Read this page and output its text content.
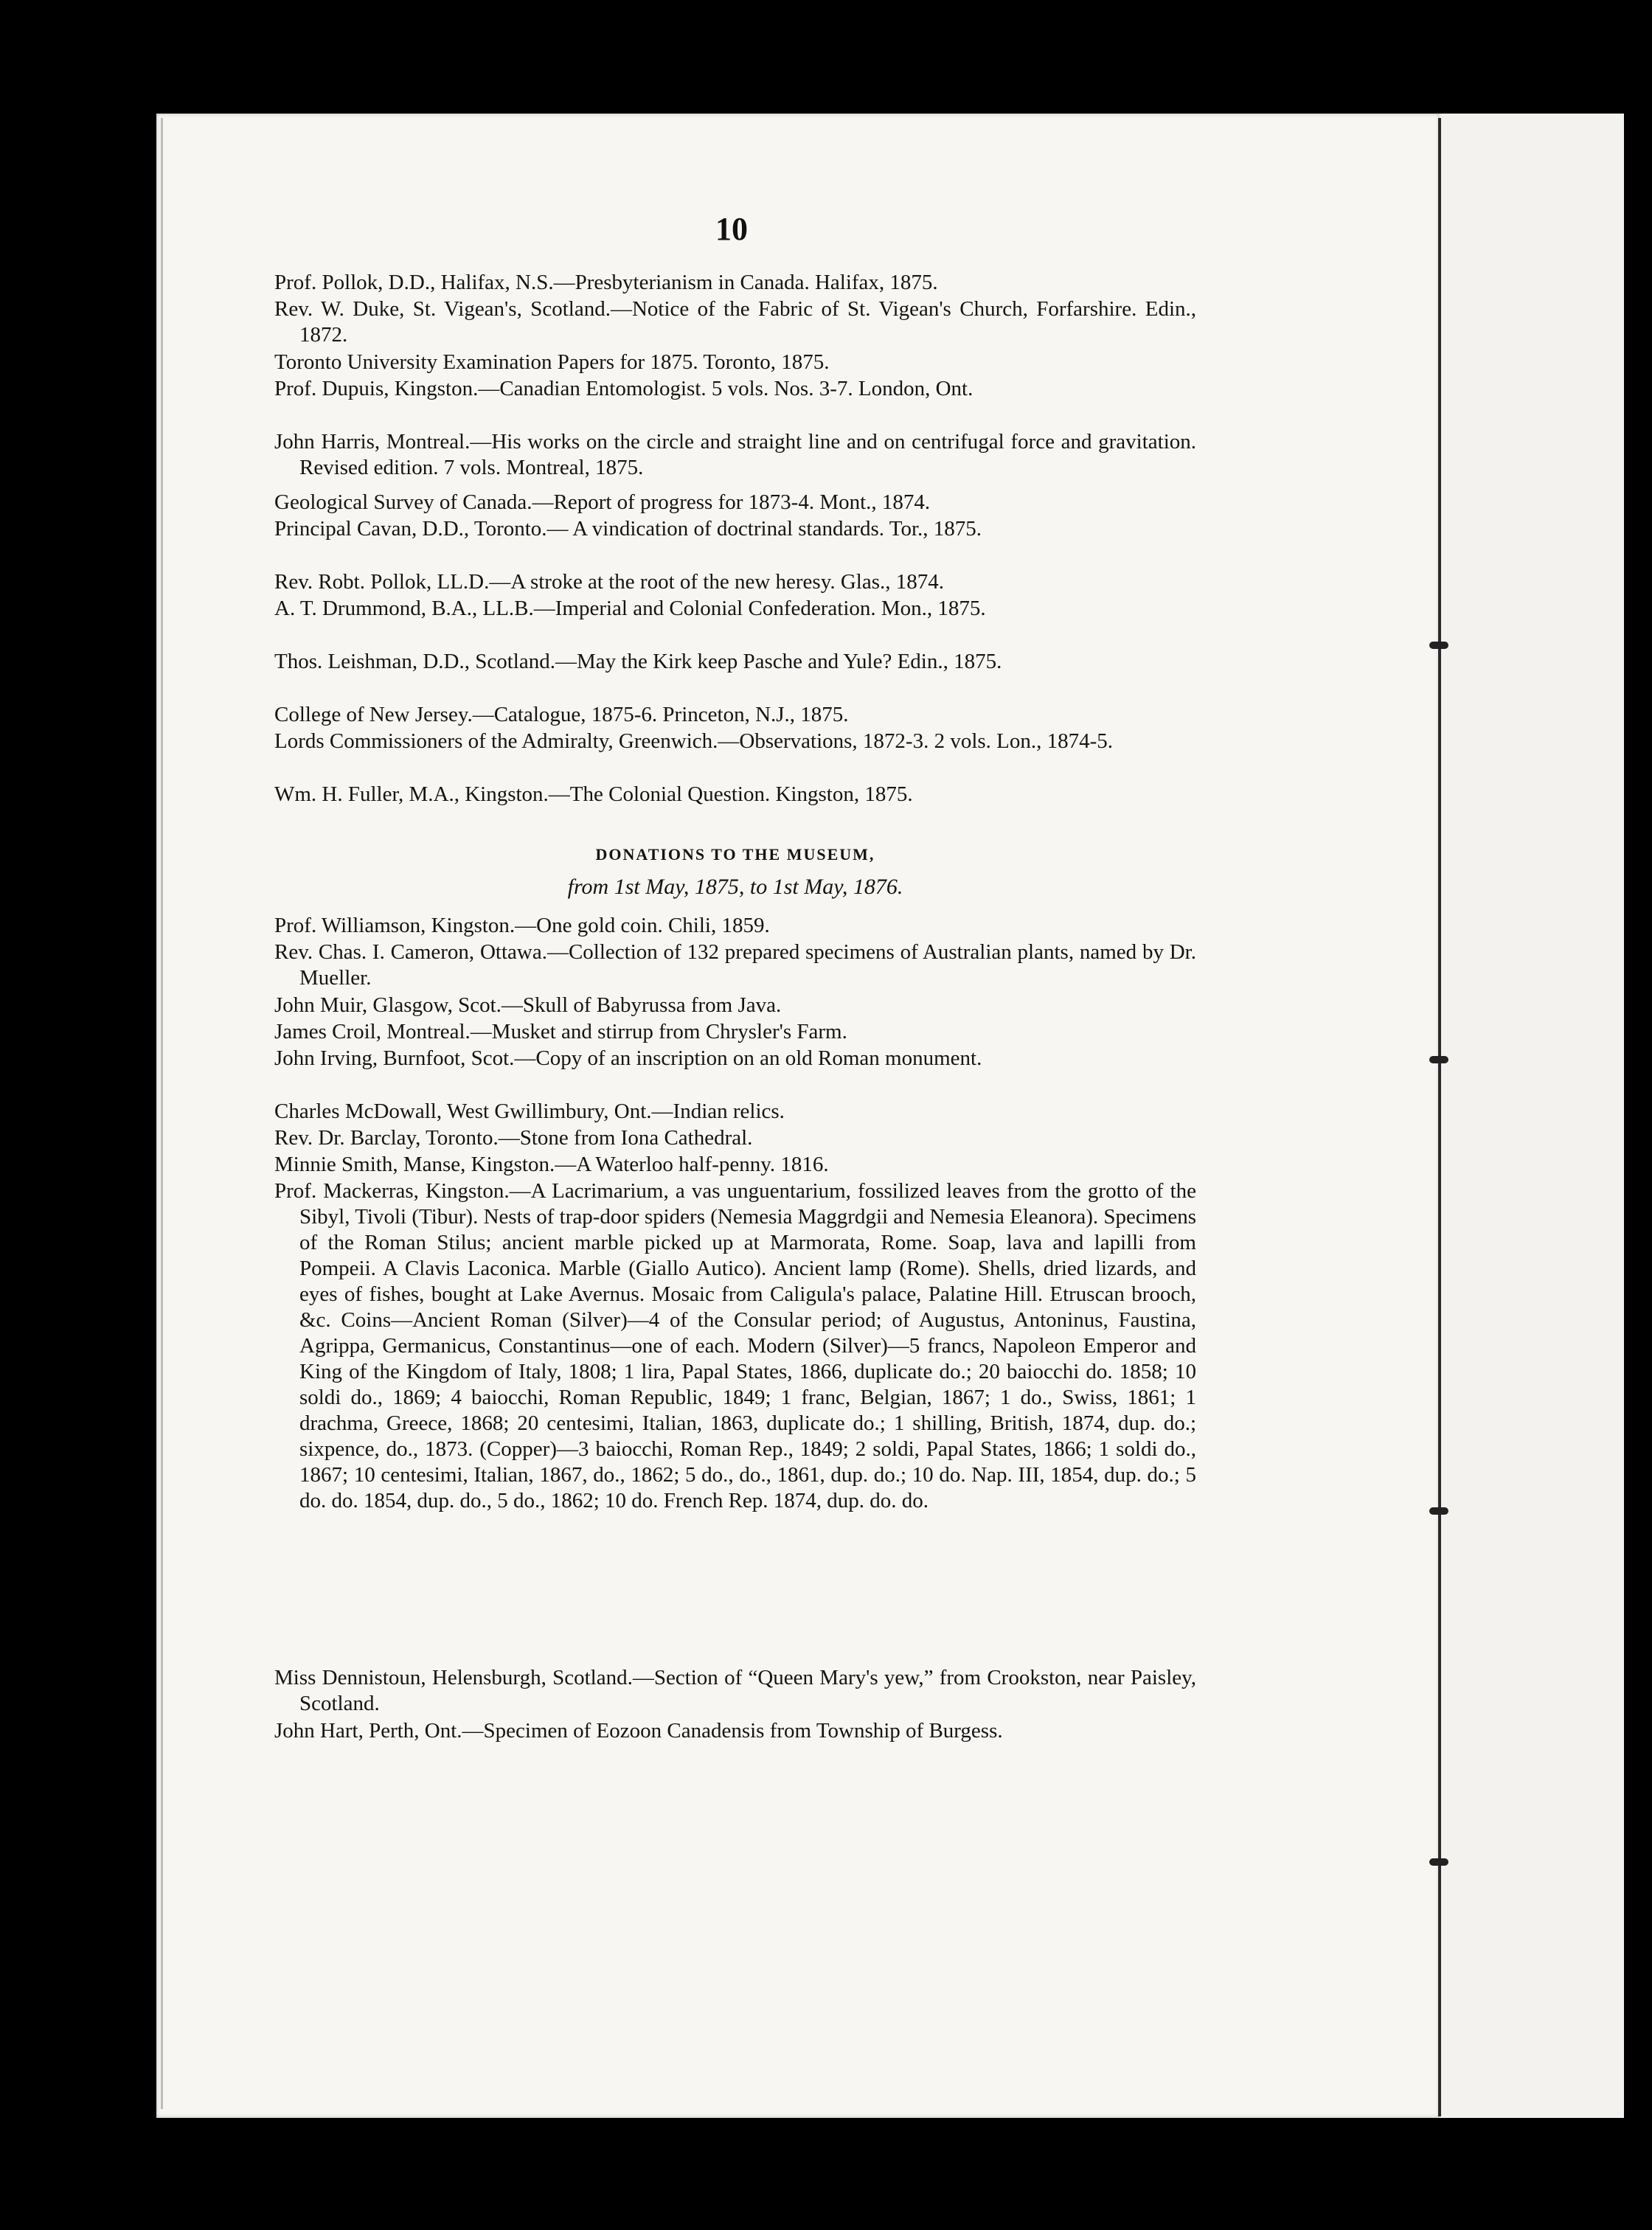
10
Prof. Pollok, D.D., Halifax, N.S.—Presbyterianism in Canada. Halifax, 1875.
Rev. W. Duke, St. Vigean's, Scotland.—Notice of the Fabric of St. Vigean's Church, Forfarshire. Edin., 1872.
Toronto University Examination Papers for 1875. Toronto, 1875.
Prof. Dupuis, Kingston.—Canadian Entomologist. 5 vols. Nos. 3-7. London, Ont.
John Harris, Montreal.—His works on the circle and straight line and on centrifugal force and gravitation. Revised edition. 7 vols. Montreal, 1875.
Geological Survey of Canada.—Report of progress for 1873-4. Mont., 1874.
Principal Cavan, D.D., Toronto.— A vindication of doctrinal standards. Tor., 1875.
Rev. Robt. Pollok, LL.D.—A stroke at the root of the new heresy. Glas., 1874.
A. T. Drummond, B.A., LL.B.—Imperial and Colonial Confederation. Mon., 1875.
Thos. Leishman, D.D., Scotland.—May the Kirk keep Pasche and Yule? Edin., 1875.
College of New Jersey.—Catalogue, 1875-6. Princeton, N.J., 1875.
Lords Commissioners of the Admiralty, Greenwich.—Observations, 1872-3. 2 vols. Lon., 1874-5.
Wm. H. Fuller, M.A., Kingston.—The Colonial Question. Kingston, 1875.
DONATIONS TO THE MUSEUM,
from 1st May, 1875, to 1st May, 1876.
Prof. Williamson, Kingston.—One gold coin. Chili, 1859.
Rev. Chas. I. Cameron, Ottawa.—Collection of 132 prepared specimens of Australian plants, named by Dr. Mueller.
John Muir, Glasgow, Scot.—Skull of Babyrussa from Java.
James Croil, Montreal.—Musket and stirrup from Chrysler's Farm.
John Irving, Burnfoot, Scot.—Copy of an inscription on an old Roman monument.
Charles McDowall, West Gwillimbury, Ont.—Indian relics.
Rev. Dr. Barclay, Toronto.—Stone from Iona Cathedral.
Minnie Smith, Manse, Kingston.—A Waterloo half-penny. 1816.
Prof. Mackerras, Kingston.—A Lacrimarium, a vas unguentarium, fossilized leaves from the grotto of the Sibyl, Tivoli (Tibur). Nests of trap-door spiders (Nemesia Maggrdgii and Nemesia Eleanora). Specimens of the Roman Stilus; ancient marble picked up at Marmorata, Rome. Soap, lava and lapilli from Pompeii. A Clavis Laconica. Marble (Giallo Autico). Ancient lamp (Rome). Shells, dried lizards, and eyes of fishes, bought at Lake Avernus. Mosaic from Caligula's palace, Palatine Hill. Etruscan brooch, &c. Coins—Ancient Roman (Silver)—4 of the Consular period; of Augustus, Antoninus, Faustina, Agrippa, Germanicus, Constantinus—one of each. Modern (Silver)—5 francs, Napoleon Emperor and King of the Kingdom of Italy, 1808; 1 lira, Papal States, 1866, duplicate do.; 20 baiocchi do. 1858; 10 soldi do., 1869; 4 baiocchi, Roman Republic, 1849; 1 franc, Belgian, 1867; 1 do., Swiss, 1861; 1 drachma, Greece, 1868; 20 centesimi, Italian, 1863, duplicate do.; 1 shilling, British, 1874, dup. do.; sixpence, do., 1873. (Copper)—3 baiocchi, Roman Rep., 1849; 2 soldi, Papal States, 1866; 1 soldi do., 1867; 10 centesimi, Italian, 1867, do., 1862; 5 do., do., 1861, dup. do.; 10 do. Nap. III, 1854, dup. do.; 5 do. do. 1854, dup. do., 5 do., 1862; 10 do. French Rep. 1874, dup. do. do.
Miss Dennistoun, Helensburgh, Scotland.—Section of “Queen Mary's yew,” from Crookston, near Paisley, Scotland.
John Hart, Perth, Ont.—Specimen of Eozoon Canadensis from Township of Burgess.
